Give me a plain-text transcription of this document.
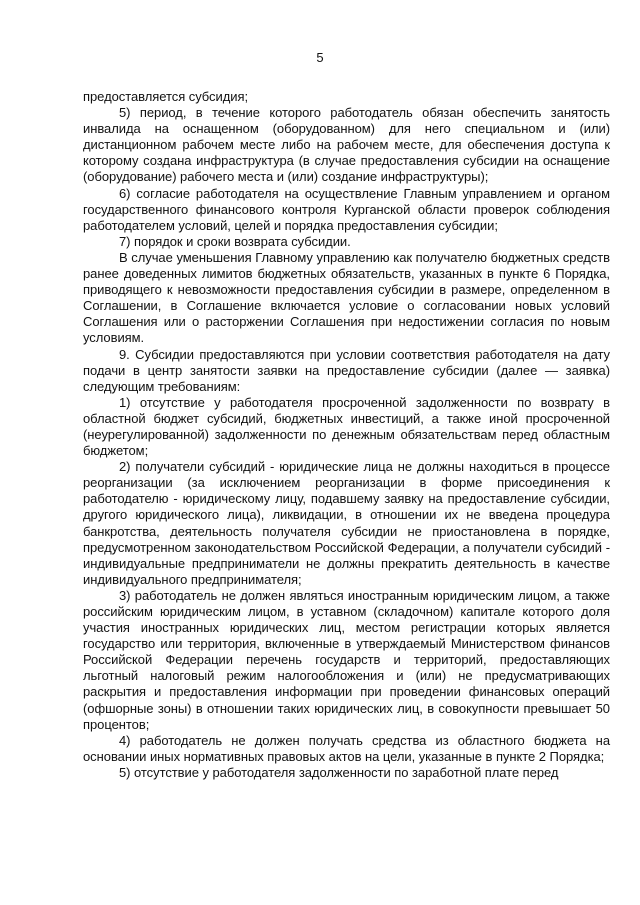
5

предоставляется субсидия;

5) период, в течение которого работодатель обязан обеспечить занятость инвалида на оснащенном (оборудованном) для него специальном и (или) дистанционном рабочем месте либо на рабочем месте, для обеспечения доступа к которому создана инфраструктура (в случае предоставления субсидии на оснащение (оборудование) рабочего места и (или) создание инфраструктуры);

6) согласие работодателя на осуществление Главным управлением и органом государственного финансового контроля Курганской области проверок соблюдения работодателем условий, целей и порядка предоставления субсидии;

7) порядок и сроки возврата субсидии.

В случае уменьшения Главному управлению как получателю бюджетных средств ранее доведенных лимитов бюджетных обязательств, указанных в пункте 6 Порядка, приводящего к невозможности предоставления субсидии в размере, определенном в Соглашении, в Соглашение включается условие о согласовании новых условий Соглашения или о расторжении Соглашения при недостижении согласия по новым условиям.

9. Субсидии предоставляются при условии соответствия работодателя на дату подачи в центр занятости заявки на предоставление субсидии (далее — заявка) следующим требованиям:

1) отсутствие у работодателя просроченной задолженности по возврату в областной бюджет субсидий, бюджетных инвестиций, а также иной просроченной (неурегулированной) задолженности по денежным обязательствам перед областным бюджетом;

2) получатели субсидий - юридические лица не должны находиться в процессе реорганизации (за исключением реорганизации в форме присоединения к работодателю - юридическому лицу, подавшему заявку на предоставление субсидии, другого юридического лица), ликвидации, в отношении их не введена процедура банкротства, деятельность получателя субсидии не приостановлена в порядке, предусмотренном законодательством Российской Федерации, а получатели субсидий - индивидуальные предприниматели не должны прекратить деятельность в качестве индивидуального предпринимателя;

3) работодатель не должен являться иностранным юридическим лицом, а также российским юридическим лицом, в уставном (складочном) капитале которого доля участия иностранных юридических лиц, местом регистрации которых является государство или территория, включенные в утверждаемый Министерством финансов Российской Федерации перечень государств и территорий, предоставляющих льготный налоговый режим налогообложения и (или) не предусматривающих раскрытия и предоставления информации при проведении финансовых операций (офшорные зоны) в отношении таких юридических лиц, в совокупности превышает 50 процентов;

4) работодатель не должен получать средства из областного бюджета на основании иных нормативных правовых актов на цели, указанные в пункте 2 Порядка;

5) отсутствие у работодателя задолженности по заработной плате перед
